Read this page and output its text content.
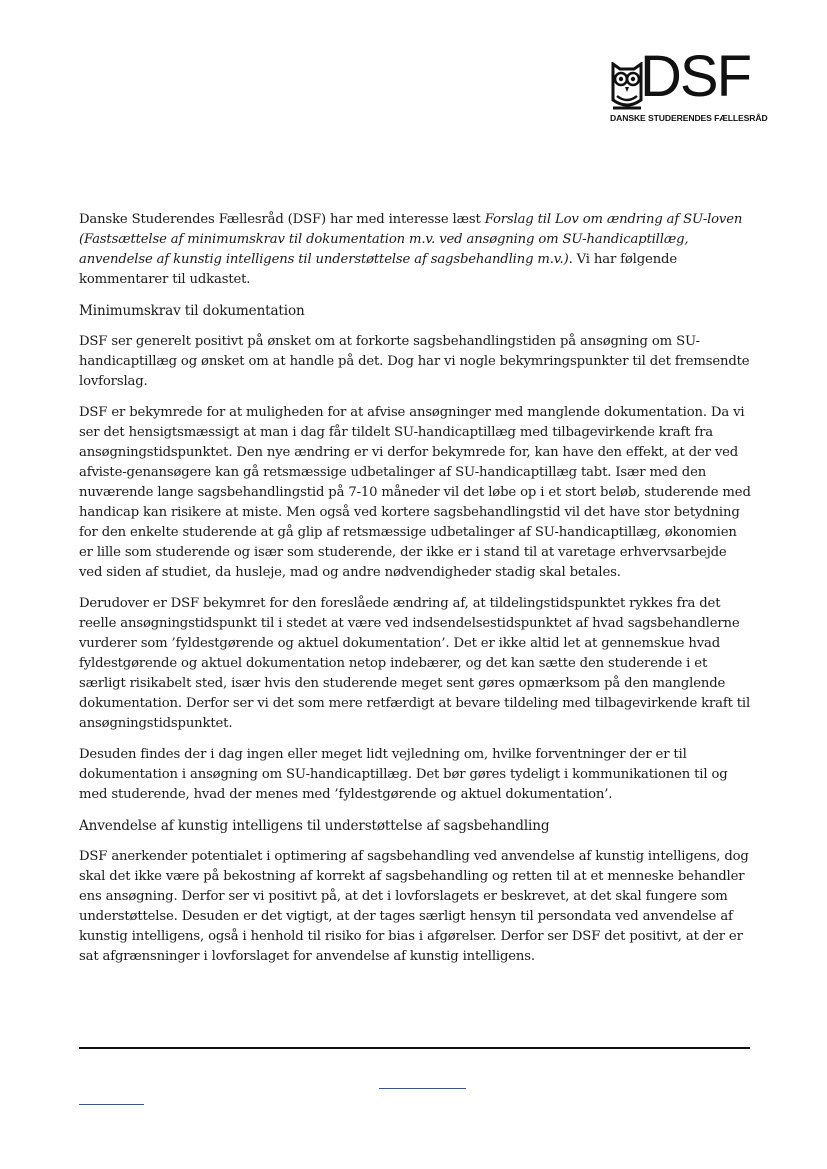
DSF
DANSKE STUDERENDES FÆLLESRÅD

Danske Studerendes Fællesråd (DSF) har med interesse læst Forslag til Lov om ændring af SU-loven (Fastsættelse af minimumskrav til dokumentation m.v. ved ansøgning om SU-handicaptillæg, anvendelse af kunstig intelligens til understøttelse af sagsbehandling m.v.). Vi har følgende kommentarer til udkastet.

Minimumskrav til dokumentation

DSF ser generelt positivt på ønsket om at forkorte sagsbehandlingstiden på ansøgning om SU-handicaptillæg og ønsket om at handle på det. Dog har vi nogle bekymringspunkter til det fremsendte lovforslag.

DSF er bekymrede for at muligheden for at afvise ansøgninger med manglende dokumentation. Da vi ser det hensigtsmæssigt at man i dag får tildelt SU-handicaptillæg med tilbagevirkende kraft fra ansøgningstidspunktet. Den nye ændring er vi derfor bekymrede for, kan have den effekt, at der ved afviste-genansøgere kan gå retsmæssige udbetalinger af SU-handicaptillæg tabt. Især med den nuværende lange sagsbehandlingstid på 7-10 måneder vil det løbe op i et stort beløb, studerende med handicap kan risikere at miste. Men også ved kortere sagsbehandlingstid vil det have stor betydning for den enkelte studerende at gå glip af retsmæssige udbetalinger af SU-handicaptillæg, økonomien er lille som studerende og især som studerende, der ikke er i stand til at varetage erhvervsarbejde ved siden af studiet, da husleje, mad og andre nødvendigheder stadig skal betales.

Derudover er DSF bekymret for den foreslåede ændring af, at tildelingstidspunktet rykkes fra det reelle ansøgningstidspunkt til i stedet at være ved indsendelsestidspunktet af hvad sagsbehandlerne vurderer som ’fyldestgørende og aktuel dokumentation’. Det er ikke altid let at gennemskue hvad fyldestgørende og aktuel dokumentation netop indebærer, og det kan sætte den studerende i et særligt risikabelt sted, især hvis den studerende meget sent gøres opmærksom på den manglende dokumentation. Derfor ser vi det som mere retfærdigt at bevare tildeling med tilbagevirkende kraft til ansøgningstidspunktet.

Desuden findes der i dag ingen eller meget lidt vejledning om, hvilke forventninger der er til dokumentation i ansøgning om SU-handicaptillæg. Det bør gøres tydeligt i kommunikationen til og med studerende, hvad der menes med ’fyldestgørende og aktuel dokumentation’.

Anvendelse af kunstig intelligens til understøttelse af sagsbehandling

DSF anerkender potentialet i optimering af sagsbehandling ved anvendelse af kunstig intelligens, dog skal det ikke være på bekostning af korrekt af sagsbehandling og retten til at et menneske behandler ens ansøgning. Derfor ser vi positivt på, at det i lovforslagets er beskrevet, at det skal fungere som understøttelse. Desuden er det vigtigt, at der tages særligt hensyn til persondata ved anvendelse af kunstig intelligens, også i henhold til risiko for bias i afgørelser. Derfor ser DSF det positivt, at der er sat afgrænsninger i lovforslaget for anvendelse af kunstig intelligens.
